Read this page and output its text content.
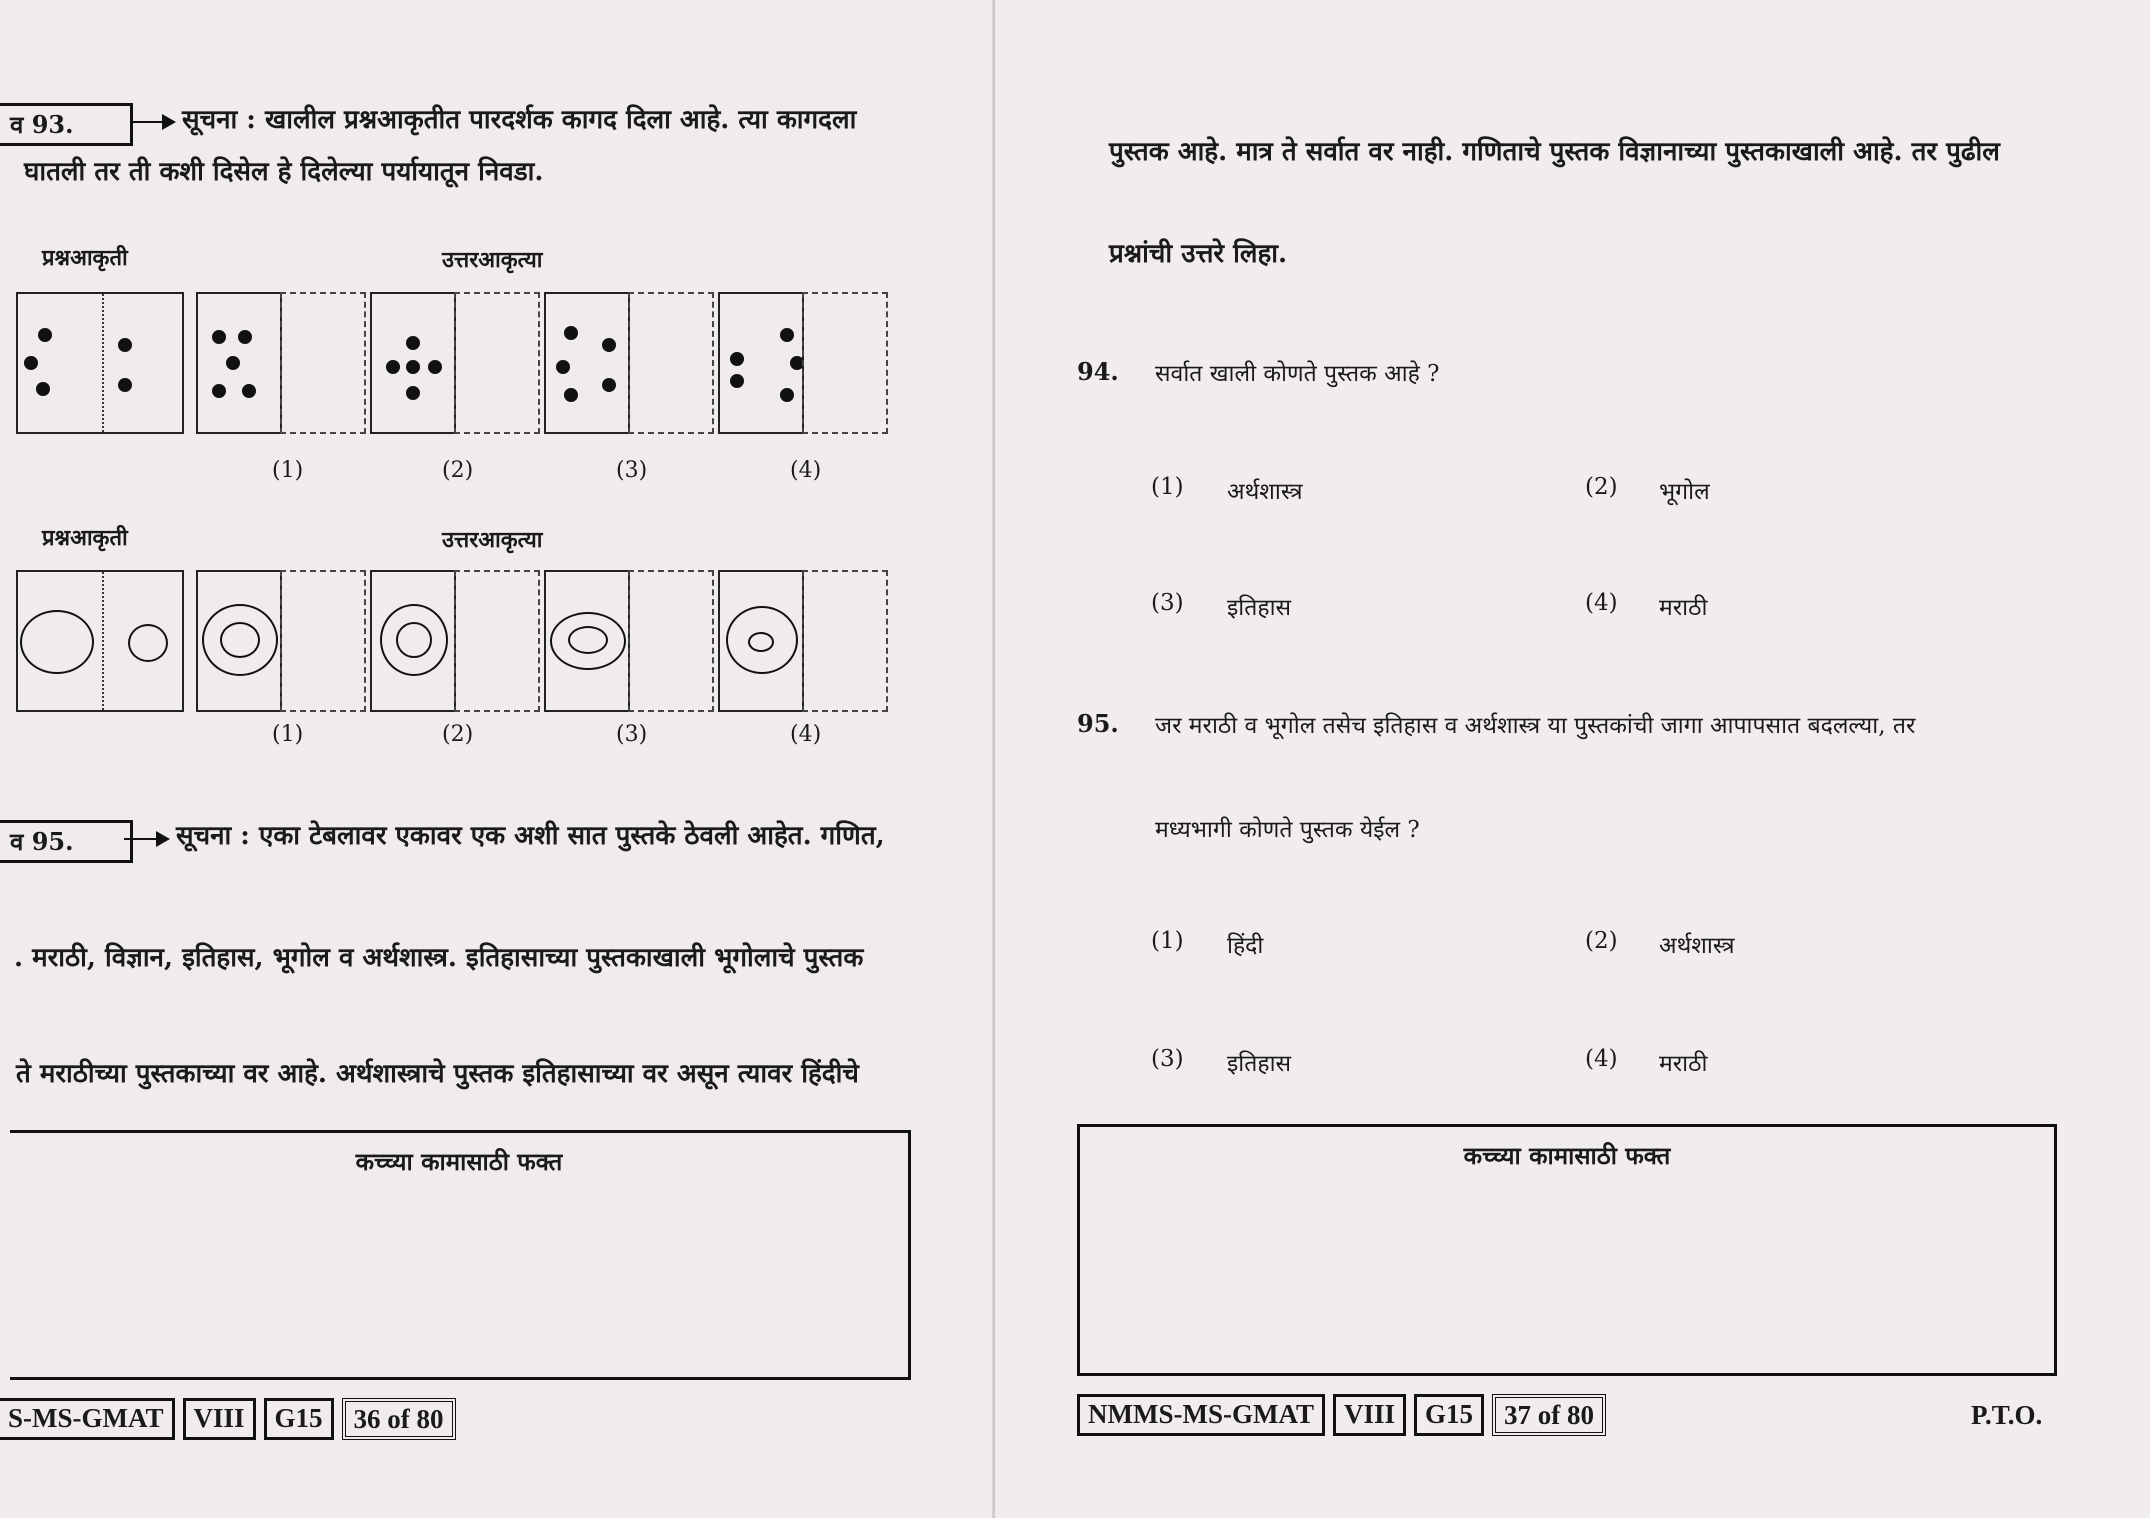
व 93.	सूचना : खालील प्रश्नआकृतीत पारदर्शक कागद दिला आहे. त्या कागदला
घातली तर ती कशी दिसेल हे दिलेल्या पर्यायातून निवडा.
प्रश्नआकृती	उत्तरआकृत्या
(1)	(2)	(3)	(4)
प्रश्नआकृती	उत्तरआकृत्या
(1)	(2)	(3)	(4)
व 95.	सूचना : एका टेबलावर एकावर एक अशी सात पुस्तके ठेवली आहेत. गणित,
. मराठी, विज्ञान, इतिहास, भूगोल व अर्थशास्त्र. इतिहासाच्या पुस्तकाखाली भूगोलाचे पुस्तक
ते मराठीच्या पुस्तकाच्या वर आहे. अर्थशास्त्राचे पुस्तक इतिहासाच्या वर असून त्यावर हिंदीचे
कच्च्या कामासाठी फक्त
S-MS-GMAT	VIII	G15	36 of 80
पुस्तक आहे. मात्र ते सर्वात वर नाही. गणिताचे पुस्तक विज्ञानाच्या पुस्तकाखाली आहे. तर पुढील
प्रश्नांची उत्तरे लिहा.
94. सर्वात खाली कोणते पुस्तक आहे ?
(1) अर्थशास्त्र	(2) भूगोल
(3) इतिहास	(4) मराठी
95. जर मराठी व भूगोल तसेच इतिहास व अर्थशास्त्र या पुस्तकांची जागा आपापसात बदलल्या, तर
मध्यभागी कोणते पुस्तक येईल ?
(1) हिंदी	(2) अर्थशास्त्र
(3) इतिहास	(4) मराठी
कच्च्या कामासाठी फक्त
NMMS-MS-GMAT	VIII	G15	37 of 80	P.T.O.
